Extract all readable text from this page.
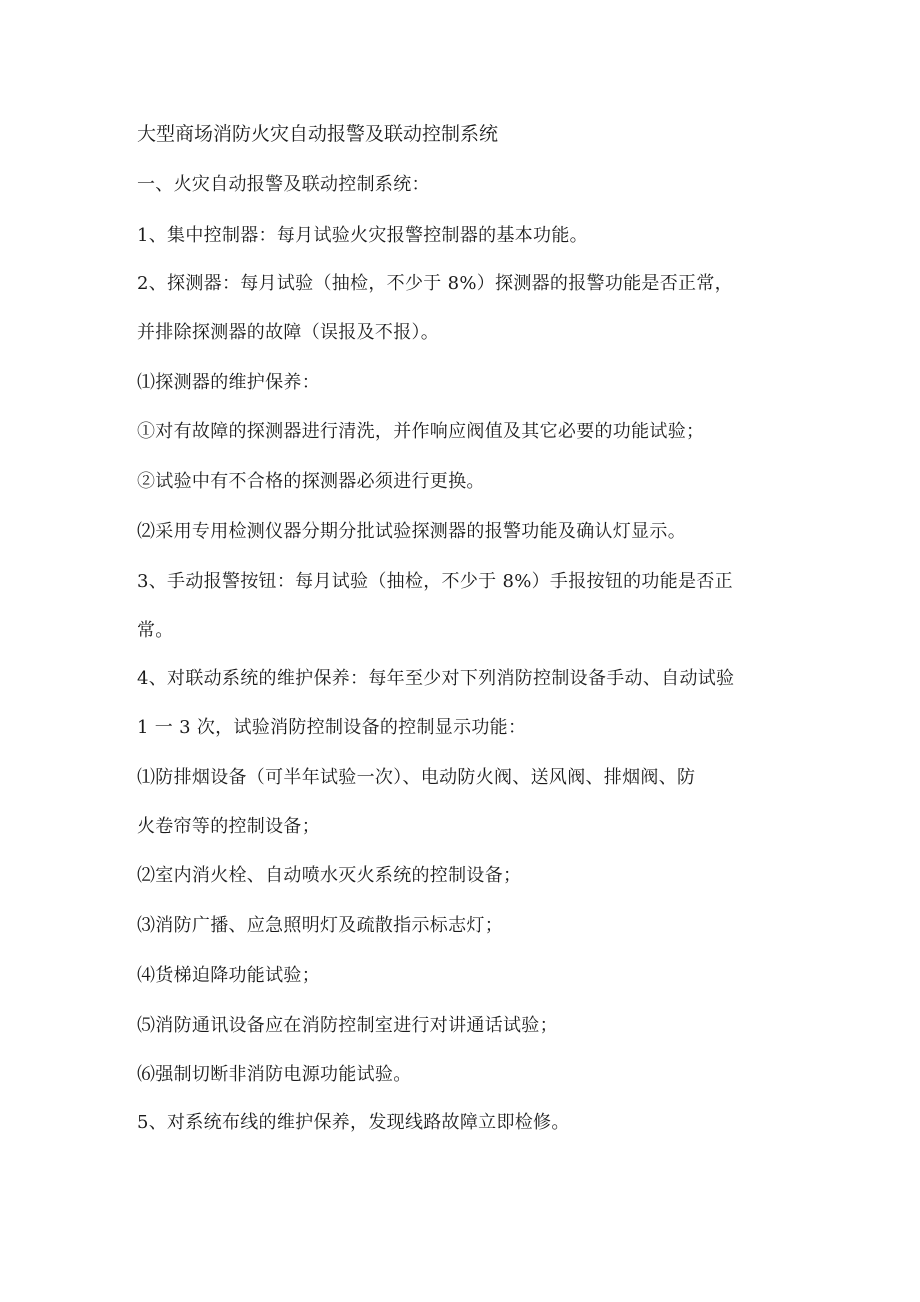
大型商场消防火灾自动报警及联动控制系统
一、火灾自动报警及联动控制系统：
1、集中控制器：每月试验火灾报警控制器的基本功能。
2、探测器：每月试验（抽检，不少于 8%）探测器的报警功能是否正常，
并排除探测器的故障（误报及不报）。
⑴探测器的维护保养：
①对有故障的探测器进行清洗，并作响应阀值及其它必要的功能试验；
②试验中有不合格的探测器必须进行更换。
⑵采用专用检测仪器分期分批试验探测器的报警功能及确认灯显示。
3、手动报警按钮：每月试验（抽检，不少于 8%）手报按钮的功能是否正
常。
4、对联动系统的维护保养：每年至少对下列消防控制设备手动、自动试验
1 一 3 次，试验消防控制设备的控制显示功能：
⑴防排烟设备（可半年试验一次）、电动防火阀、送风阀、排烟阀、防
火卷帘等的控制设备；
⑵室内消火栓、自动喷水灭火系统的控制设备；
⑶消防广播、应急照明灯及疏散指示标志灯；
⑷货梯迫降功能试验；
⑸消防通讯设备应在消防控制室进行对讲通话试验；
⑹强制切断非消防电源功能试验。
5、对系统布线的维护保养，发现线路故障立即检修。
